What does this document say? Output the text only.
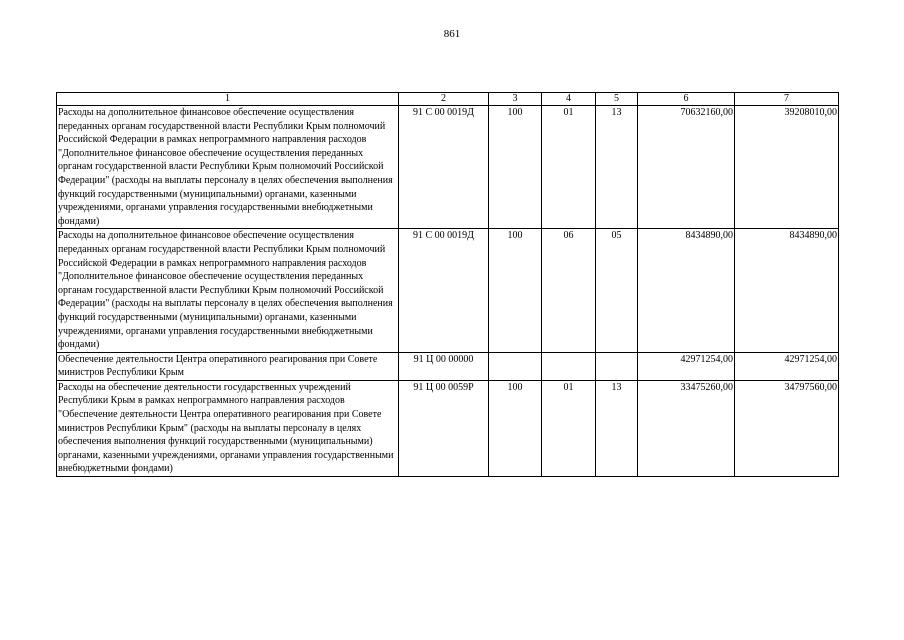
861
1	2	3	4	5	6	7
Расходы на дополнительное финансовое обеспечение осуществления переданных органам государственной власти Республики Крым полномочий Российской Федерации в рамках непрограммного направления расходов "Дополнительное финансовое обеспечение осуществления переданных органам государственной власти Республики Крым полномочий Российской Федерации" (расходы на выплаты персоналу в целях обеспечения выполнения функций государственными (муниципальными) органами, казенными учреждениями, органами управления государственными внебюджетными фондами)	91 С 00 0019Д	100	01	13	70632160,00	39208010,00
Расходы на дополнительное финансовое обеспечение осуществления переданных органам государственной власти Республики Крым полномочий Российской Федерации в рамках непрограммного направления расходов "Дополнительное финансовое обеспечение осуществления переданных органам государственной власти Республики Крым полномочий Российской Федерации" (расходы на выплаты персоналу в целях обеспечения выполнения функций государственными (муниципальными) органами, казенными учреждениями, органами управления государственными внебюджетными фондами)	91 С 00 0019Д	100	06	05	8434890,00	8434890,00
Обеспечение деятельности Центра оперативного реагирования при Совете министров Республики Крым	91 Ц 00 00000				42971254,00	42971254,00
Расходы на обеспечение деятельности государственных учреждений Республики Крым в рамках непрограммного направления расходов "Обеспечение деятельности Центра оперативного реагирования при Совете министров Республики Крым" (расходы на выплаты персоналу в целях обеспечения выполнения функций государственными (муниципальными) органами, казенными учреждениями, органами управления государственными внебюджетными фондами)	91 Ц 00 0059Р	100	01	13	33475260,00	34797560,00
